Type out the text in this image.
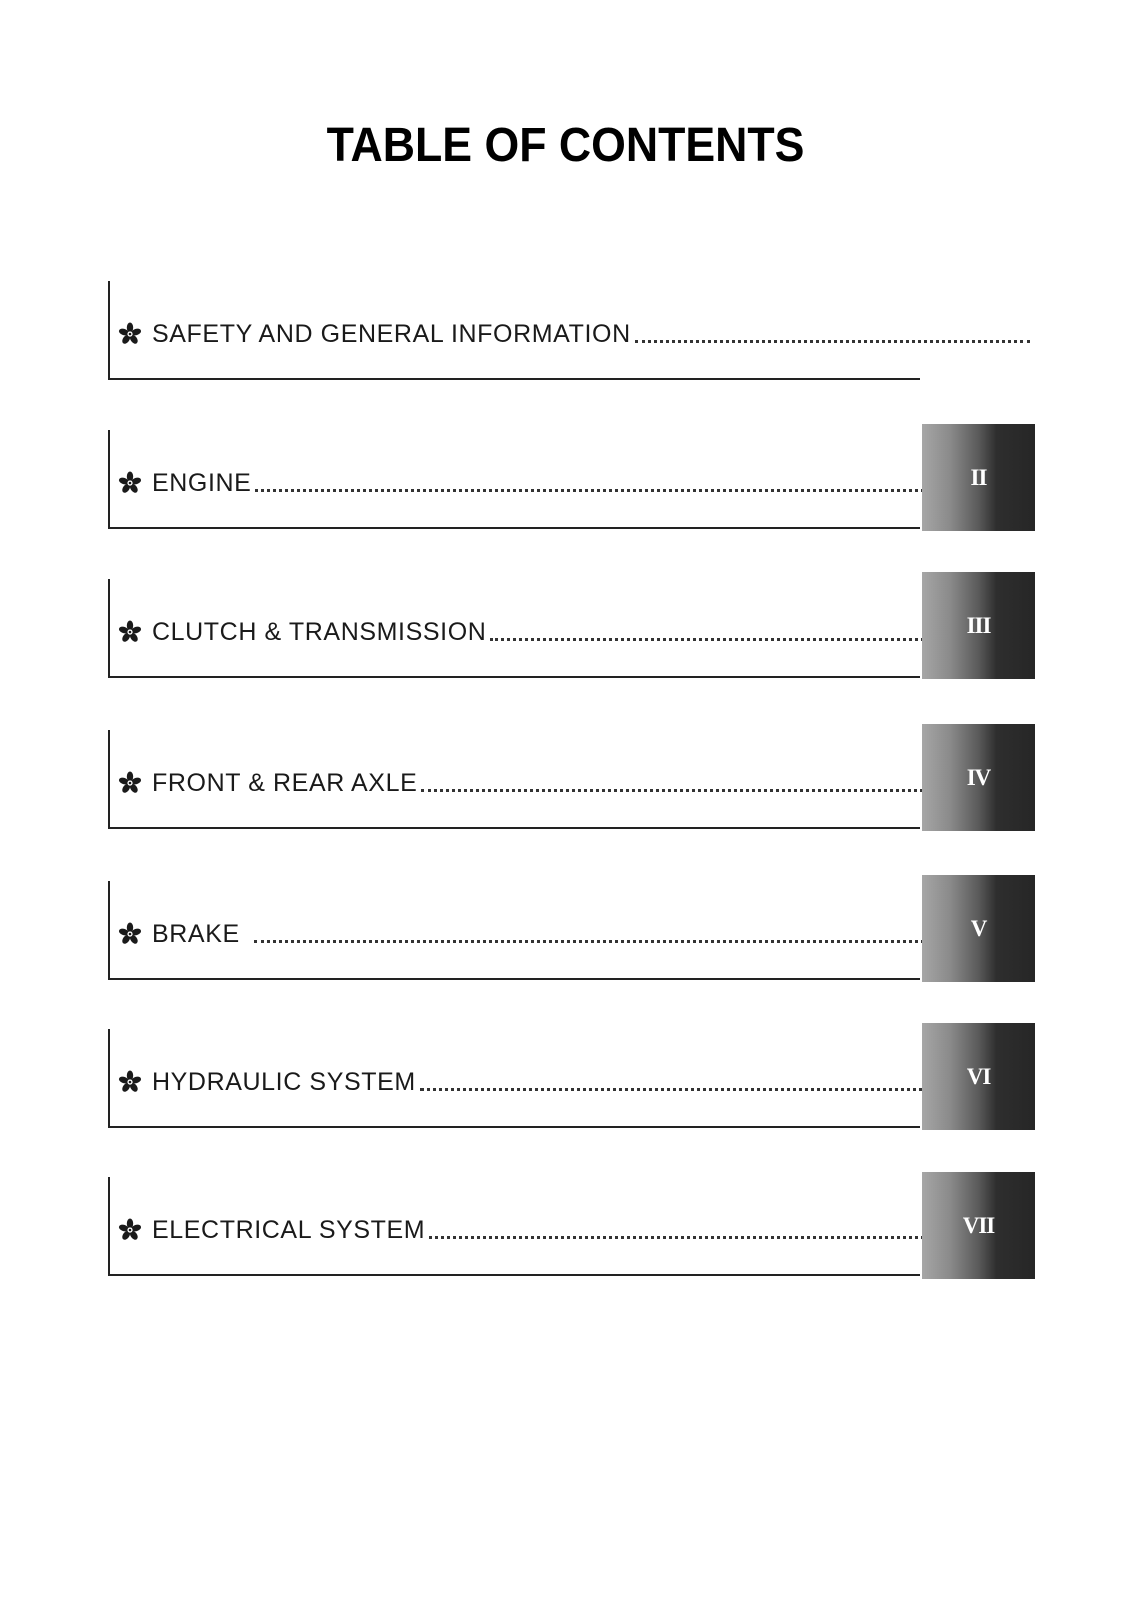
TABLE OF CONTENTS
SAFETY AND GENERAL INFORMATION
ENGINE	II
CLUTCH & TRANSMISSION	III
FRONT & REAR AXLE	IV
BRAKE	V
HYDRAULIC SYSTEM	VI
ELECTRICAL SYSTEM	VII
